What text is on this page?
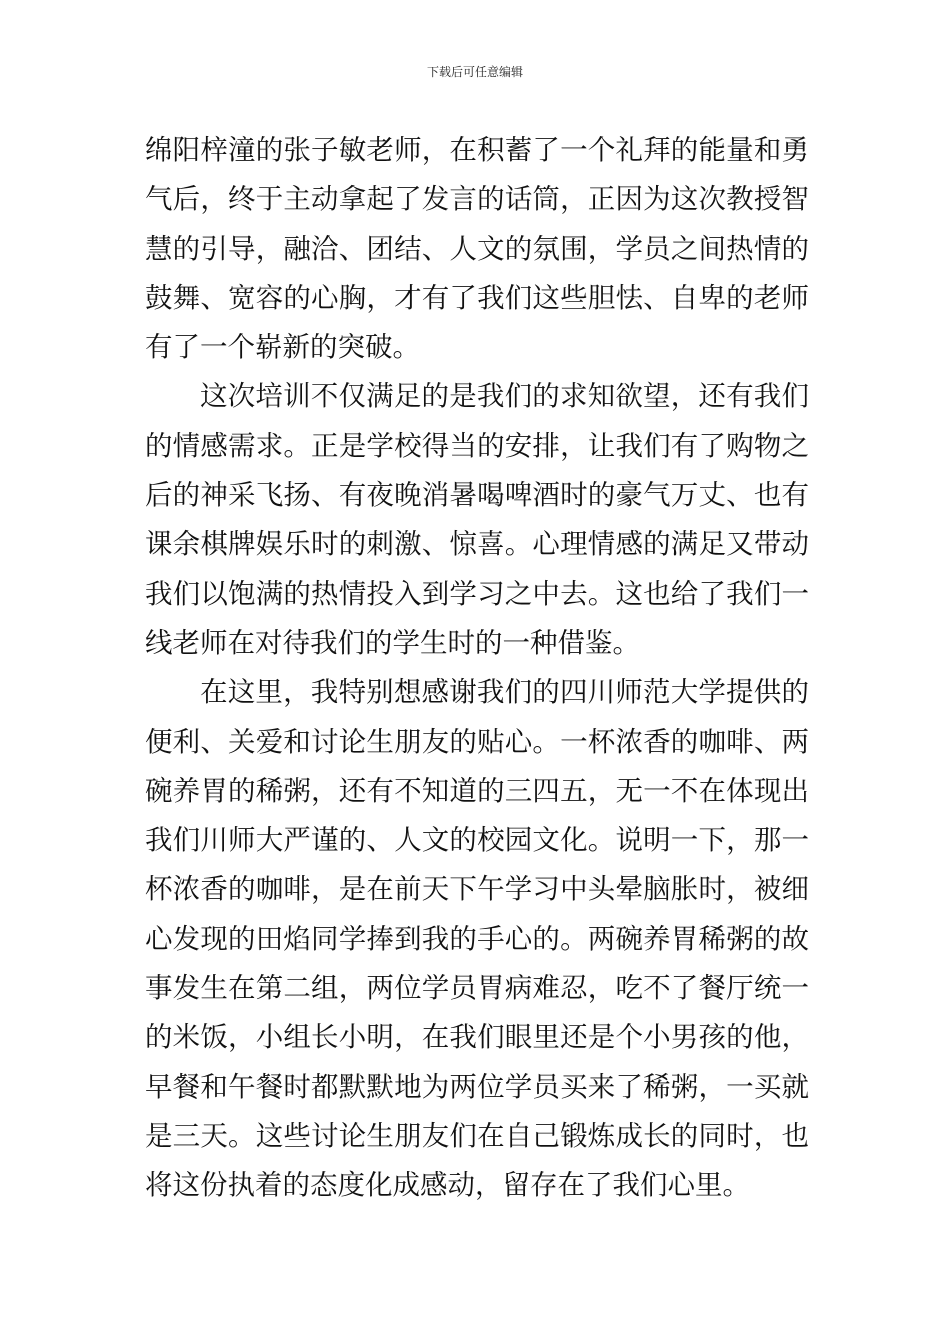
下载后可任意编辑

绵阳梓潼的张子敏老师，在积蓄了一个礼拜的能量和勇气后，终于主动拿起了发言的话筒，正因为这次教授智慧的引导，融洽、团结、人文的氛围，学员之间热情的鼓舞、宽容的心胸，才有了我们这些胆怯、自卑的老师有了一个崭新的突破。

这次培训不仅满足的是我们的求知欲望，还有我们的情感需求。正是学校得当的安排，让我们有了购物之后的神采飞扬、有夜晚消暑喝啤酒时的豪气万丈、也有课余棋牌娱乐时的刺激、惊喜。心理情感的满足又带动我们以饱满的热情投入到学习之中去。这也给了我们一线老师在对待我们的学生时的一种借鉴。

在这里，我特别想感谢我们的四川师范大学提供的便利、关爱和讨论生朋友的贴心。一杯浓香的咖啡、两碗养胃的稀粥，还有不知道的三四五，无一不在体现出我们川师大严谨的、人文的校园文化。说明一下，那一杯浓香的咖啡，是在前天下午学习中头晕脑胀时，被细心发现的田焰同学捧到我的手心的。两碗养胃稀粥的故事发生在第二组，两位学员胃病难忍，吃不了餐厅统一的米饭，小组长小明，在我们眼里还是个小男孩的他，早餐和午餐时都默默地为两位学员买来了稀粥，一买就是三天。这些讨论生朋友们在自己锻炼成长的同时，也将这份执着的态度化成感动，留存在了我们心里。
